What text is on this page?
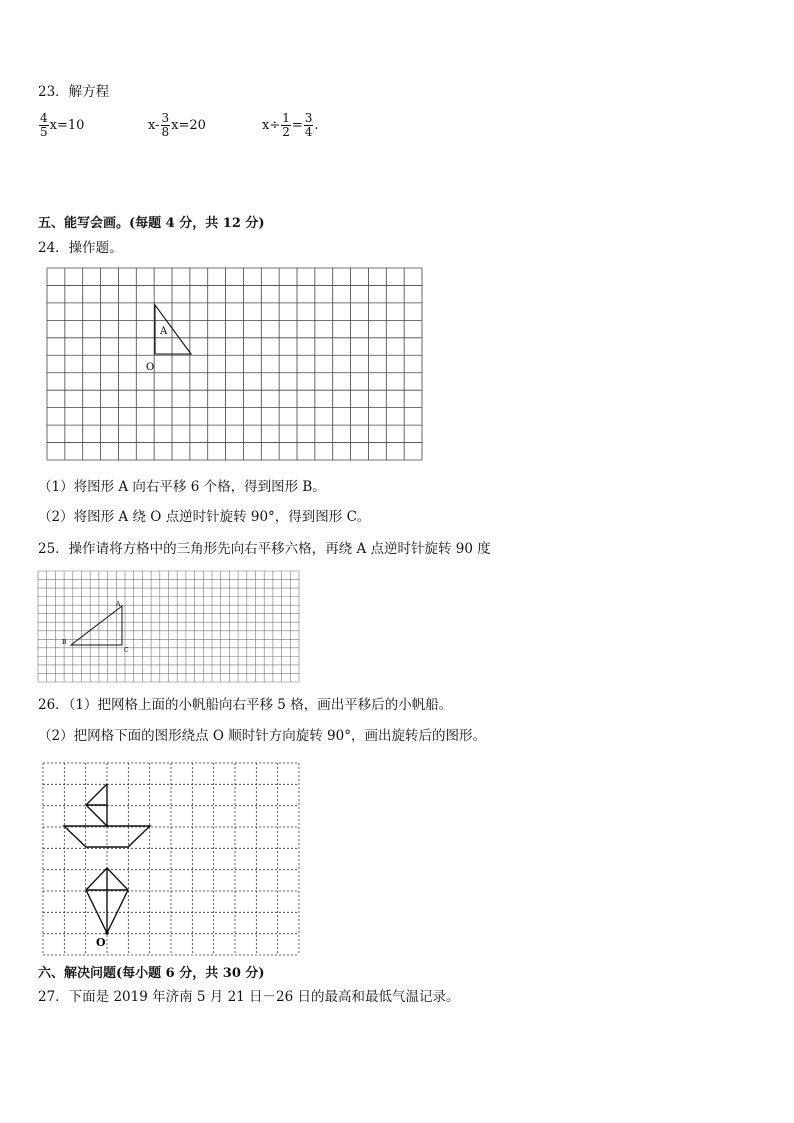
23．解方程
$\frac{4}{5} x=10$	$x- \frac{3}{8} x=20$	$x\div \frac{1}{2} = \frac{3}{4}$ .
五、能写会画。(每题 4 分，共 12 分)
24．操作题。
A
O
（1）将图形 A 向右平移 6 个格，得到图形 B。
（2）将图形 A 绕 O 点逆时针旋转 90°，得到图形 C。
25．操作请将方格中的三角形先向右平移六格，再绕 A 点逆时针旋转 90 度
A
B
C
26．（1）把网格上面的小帆船向右平移 5 格，画出平移后的小帆船。
（2）把网格下面的图形绕点 O 顺时针方向旋转 90°，画出旋转后的图形。
O
六、解决问题(每小题 6 分，共 30 分)
27．下面是 2019 年济南 5 月 21 日－26 日的最高和最低气温记录。
